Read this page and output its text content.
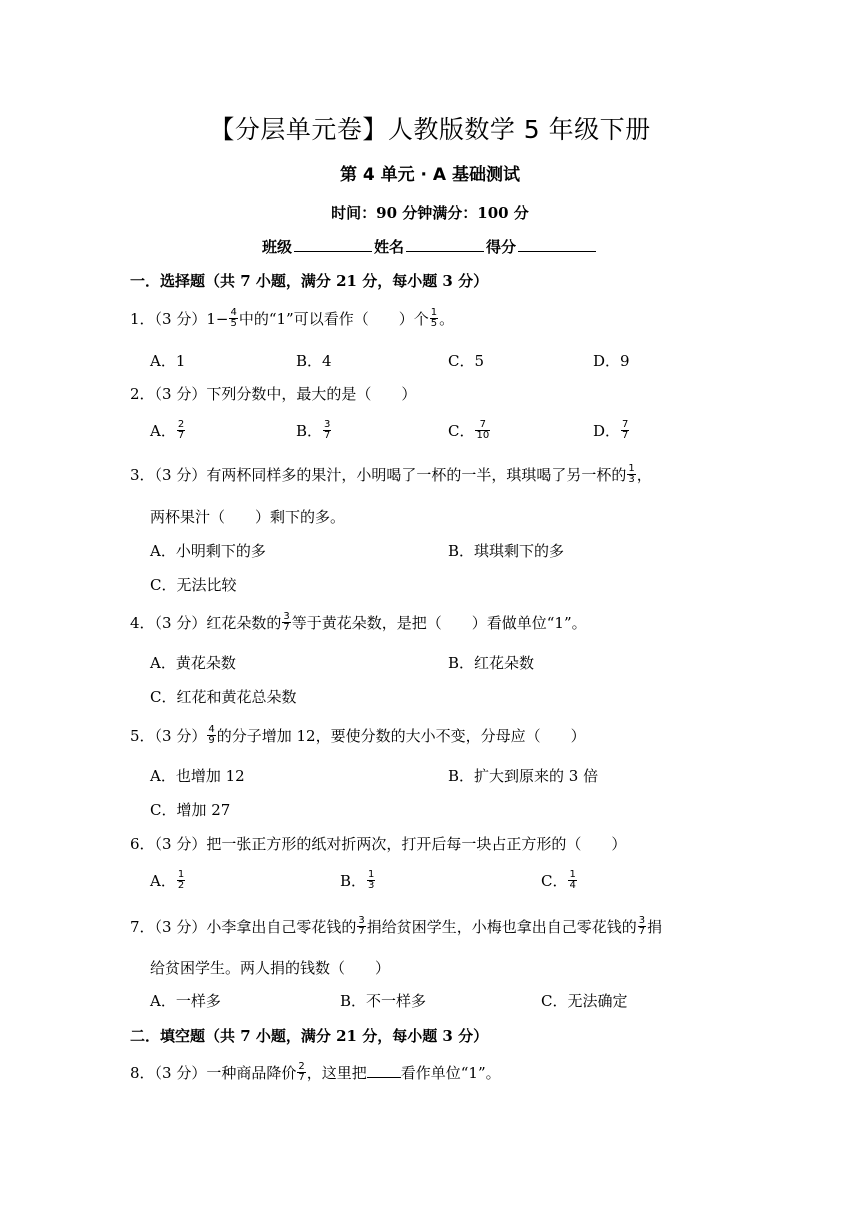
【分层单元卷】人教版数学 5 年级下册
第 4 单元 · A 基础测试
时间：90 分钟满分：100 分
班级	姓名	得分
一．选择题（共 7 小题，满分 21 分，每小题 3 分）
1．（3 分）$1- \frac{4}{5}$ 中的“1”可以看作（　　）个 $\frac{1}{5}$ 。
A．1	B．4	C．5	D．9
2．（3 分）下列分数中，最大的是（　　）
A． $\frac{2}{7}$	B． $\frac{3}{7}$	C． $\frac{7}{10}$	D． $\frac{7}{7}$
3．（3 分）有两杯同样多的果汁，小明喝了一杯的一半，琪琪喝了另一杯的 $\frac{1}{3}$ ，
两杯果汁（　　）剩下的多。
A．小明剩下的多	B．琪琪剩下的多
C．无法比较
4．（3 分）红花朵数的 $\frac{3}{7}$ 等于黄花朵数，是把（　　）看做单位“1”。
A．黄花朵数	B．红花朵数
C．红花和黄花总朵数
5．（3 分） $\frac{4}{9}$ 的分子增加 12，要使分数的大小不变，分母应（　　）
A．也增加 12	B．扩大到原来的 3 倍
C．增加 27
6．（3 分）把一张正方形的纸对折两次，打开后每一块占正方形的（　　）
A． $\frac{1}{2}$	B． $\frac{1}{3}$	C． $\frac{1}{4}$
7．（3 分）小李拿出自己零花钱的 $\frac{3}{7}$ 捐给贫困学生，小梅也拿出自己零花钱的 $\frac{3}{7}$ 捐
给贫困学生。两人捐的钱数（　　）
A．一样多	B．不一样多	C．无法确定
二．填空题（共 7 小题，满分 21 分，每小题 3 分）
8．（3 分）一种商品降价 $\frac{2}{7}$ ，这里把 看作单位“1”。
